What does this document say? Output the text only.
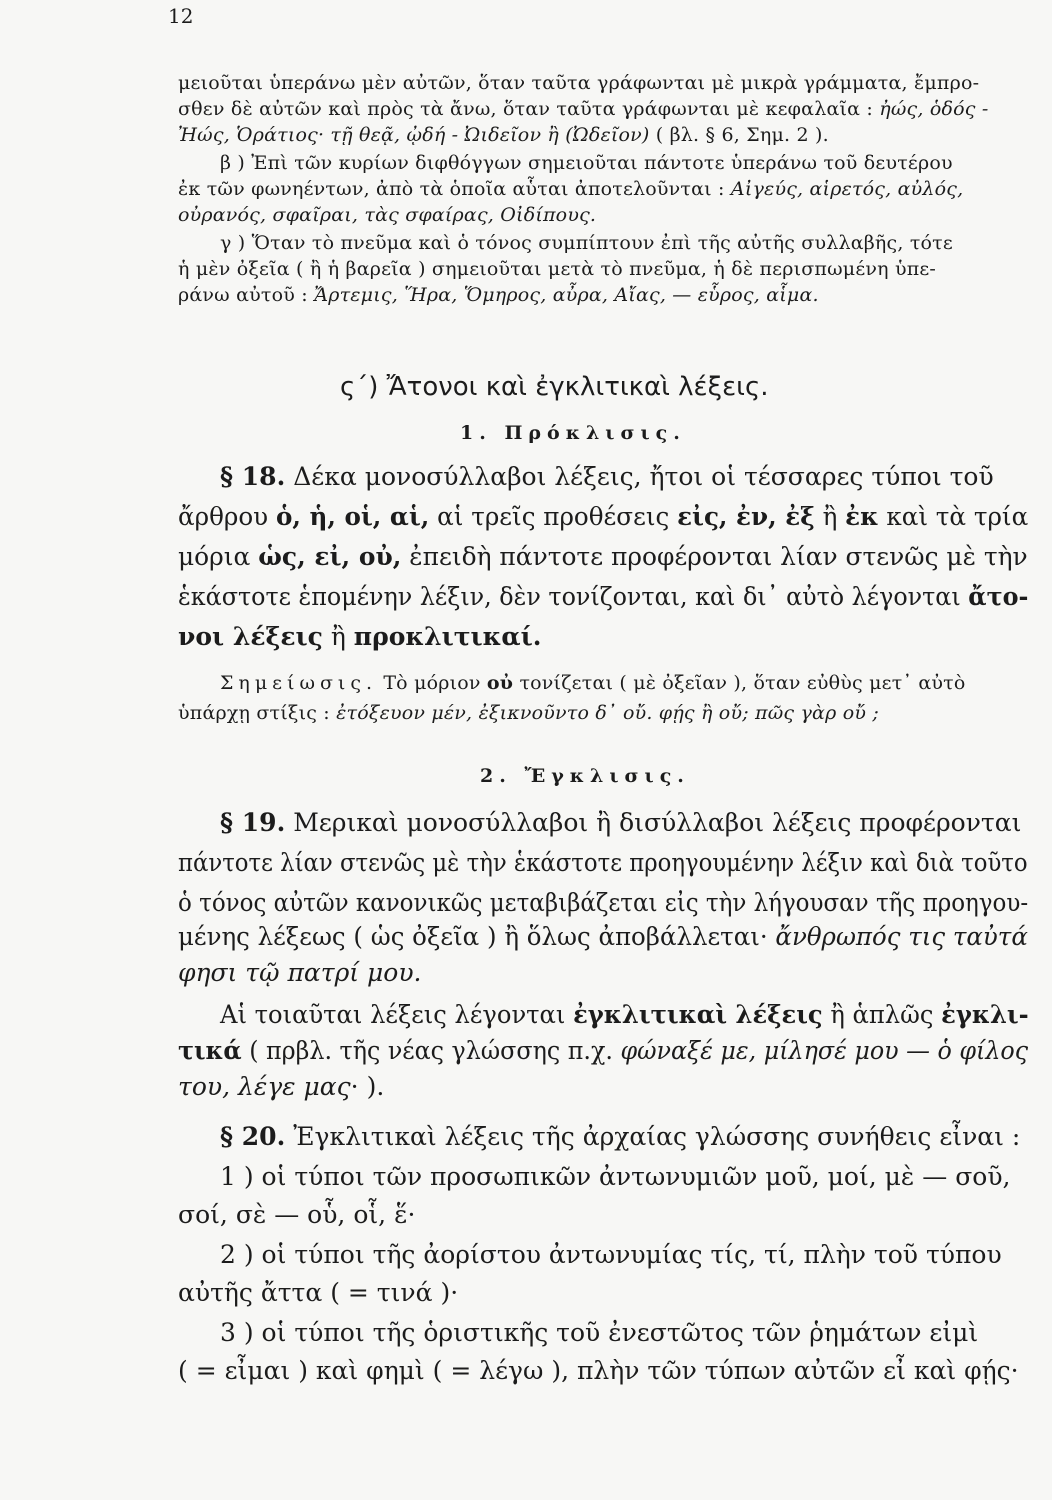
12
μειοῦται ὑπεράνω μὲν αὐτῶν, ὅταν ταῦτα γράφωνται μὲ μικρὰ γράμματα, ἔμπρο-
σθεν δὲ αὐτῶν καὶ πρὸς τὰ ἄνω, ὅταν ταῦτα γράφωνται μὲ κεφαλαῖα : ἠώς, ὁδός -
Ἠώς, Ὁράτιος· τῇ θεᾷ, ᾠδή - Ὠιδεῖον ἢ (Ὠδεῖον) ( βλ. § 6, Σημ. 2 ).
β ) Ἐπὶ τῶν κυρίων διφθόγγων σημειοῦται πάντοτε ὑπεράνω τοῦ δευτέρου
ἐκ τῶν φωνηέντων, ἀπὸ τὰ ὁποῖα αὗται ἀποτελοῦνται : Αἰγεύς, αἱρετός, αὐλός,
οὐρανός, σφαῖραι, τὰς σφαίρας, Οἰδίπους.
γ ) Ὅταν τὸ πνεῦμα καὶ ὁ τόνος συμπίπτουν ἐπὶ τῆς αὐτῆς συλλαβῆς, τότε
ἡ μὲν ὀξεῖα ( ἢ ἡ βαρεῖα ) σημειοῦται μετὰ τὸ πνεῦμα, ἡ δὲ περισπωμένη ὑπε-
ράνω αὐτοῦ : Ἄρτεμις, Ἥρα, Ὅμηρος, αὖρα, Αἴας, — εὗρος, αἷμα.
ς΄) Ἄτονοι καὶ ἐγκλιτικαὶ λέξεις.
1. Πρόκλισις.
§ 18. Δέκα μονοσύλλαβοι λέξεις, ἤτοι οἱ τέσσαρες τύποι τοῦ
ἄρθρου ὁ, ἡ, οἱ, αἱ, αἱ τρεῖς προθέσεις εἰς, ἐν, ἐξ ἢ ἐκ καὶ τὰ τρία
μόρια ὡς, εἰ, οὐ, ἐπειδὴ πάντοτε προφέρονται λίαν στενῶς μὲ τὴν
ἑκάστοτε ἑπομένην λέξιν, δὲν τονίζονται, καὶ δι᾽ αὐτὸ λέγονται ἄτο-
νοι λέξεις ἢ προκλιτικαί.
Σημείωσις. Τὸ μόριον οὐ τονίζεται ( μὲ ὀξεῖαν ), ὅταν εὐθὺς μετ᾽ αὐτὸ
ὑπάρχῃ στίξις : ἐτόξευον μέν, ἐξικνοῦντο δ᾽ οὔ. φῄς ἢ οὔ; πῶς γὰρ οὔ ;
2. Ἔγκλισις.
§ 19. Μερικαὶ μονοσύλλαβοι ἢ δισύλλαβοι λέξεις προφέρονται
πάντοτε λίαν στενῶς μὲ τὴν ἑκάστοτε προηγουμένην λέξιν καὶ διὰ τοῦτο
ὁ τόνος αὐτῶν κανονικῶς μεταβιβάζεται εἰς τὴν λήγουσαν τῆς προηγου-
μένης λέξεως ( ὡς ὀξεῖα ) ἢ ὅλως ἀποβάλλεται· ἄνθρωπός τις ταὐτά
φησι τῷ πατρί μου.
Αἱ τοιαῦται λέξεις λέγονται ἐγκλιτικαὶ λέξεις ἢ ἁπλῶς ἐγκλι-
τικά ( πρβλ. τῆς νέας γλώσσης π.χ. φώναξέ με, μίλησέ μου — ὁ φίλος
του, λέγε μας· ).
§ 20. Ἐγκλιτικαὶ λέξεις τῆς ἀρχαίας γλώσσης συνήθεις εἶναι :
1 ) οἱ τύποι τῶν προσωπικῶν ἀντωνυμιῶν μοῦ, μοί, μὲ — σοῦ,
σοί, σὲ — οὗ, οἷ, ἕ·
2 ) οἱ τύποι τῆς ἀορίστου ἀντωνυμίας τίς, τί, πλὴν τοῦ τύπου
αὐτῆς ἄττα ( = τινά )·
3 ) οἱ τύποι τῆς ὁριστικῆς τοῦ ἐνεστῶτος τῶν ῥημάτων εἰμὶ
( = εἶμαι ) καὶ φημὶ ( = λέγω ), πλὴν τῶν τύπων αὐτῶν εἶ καὶ φῄς·
